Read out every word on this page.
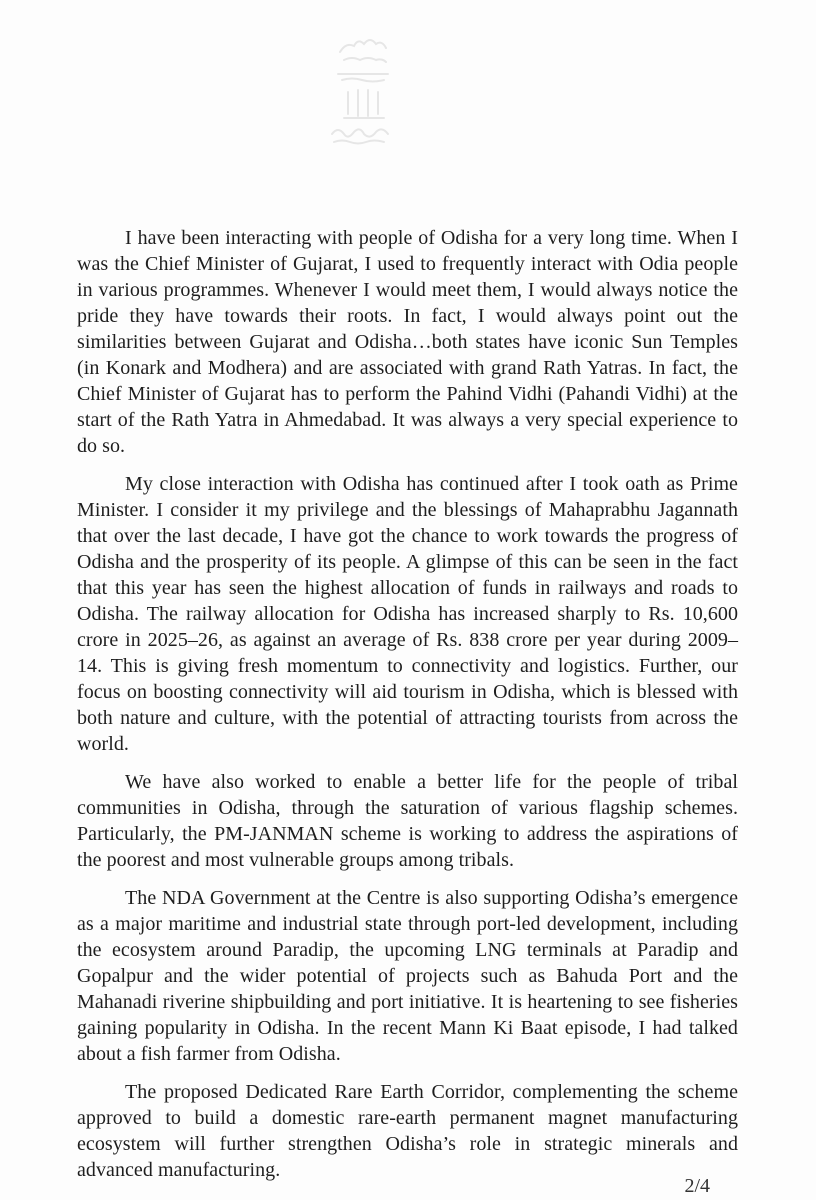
I have been interacting with people of Odisha for a very long time. When I was the Chief Minister of Gujarat, I used to frequently interact with Odia people in various programmes. Whenever I would meet them, I would always notice the pride they have towards their roots. In fact, I would always point out the similarities between Gujarat and Odisha…both states have iconic Sun Temples (in Konark and Modhera) and are associated with grand Rath Yatras. In fact, the Chief Minister of Gujarat has to perform the Pahind Vidhi (Pahandi Vidhi) at the start of the Rath Yatra in Ahmedabad. It was always a very special experience to do so.

My close interaction with Odisha has continued after I took oath as Prime Minister. I consider it my privilege and the blessings of Mahaprabhu Jagannath that over the last decade, I have got the chance to work towards the progress of Odisha and the prosperity of its people. A glimpse of this can be seen in the fact that this year has seen the highest allocation of funds in railways and roads to Odisha. The railway allocation for Odisha has increased sharply to Rs. 10,600 crore in 2025–26, as against an average of Rs. 838 crore per year during 2009–14. This is giving fresh momentum to connectivity and logistics. Further, our focus on boosting connectivity will aid tourism in Odisha, which is blessed with both nature and culture, with the potential of attracting tourists from across the world.

We have also worked to enable a better life for the people of tribal communities in Odisha, through the saturation of various flagship schemes. Particularly, the PM-JANMAN scheme is working to address the aspirations of the poorest and most vulnerable groups among tribals.

The NDA Government at the Centre is also supporting Odisha’s emergence as a major maritime and industrial state through port-led development, including the ecosystem around Paradip, the upcoming LNG terminals at Paradip and Gopalpur and the wider potential of projects such as Bahuda Port and the Mahanadi riverine shipbuilding and port initiative. It is heartening to see fisheries gaining popularity in Odisha. In the recent Mann Ki Baat episode, I had talked about a fish farmer from Odisha.

The proposed Dedicated Rare Earth Corridor, complementing the scheme approved to build a domestic rare-earth permanent magnet manufacturing ecosystem will further strengthen Odisha’s role in strategic minerals and advanced manufacturing.

2/4
